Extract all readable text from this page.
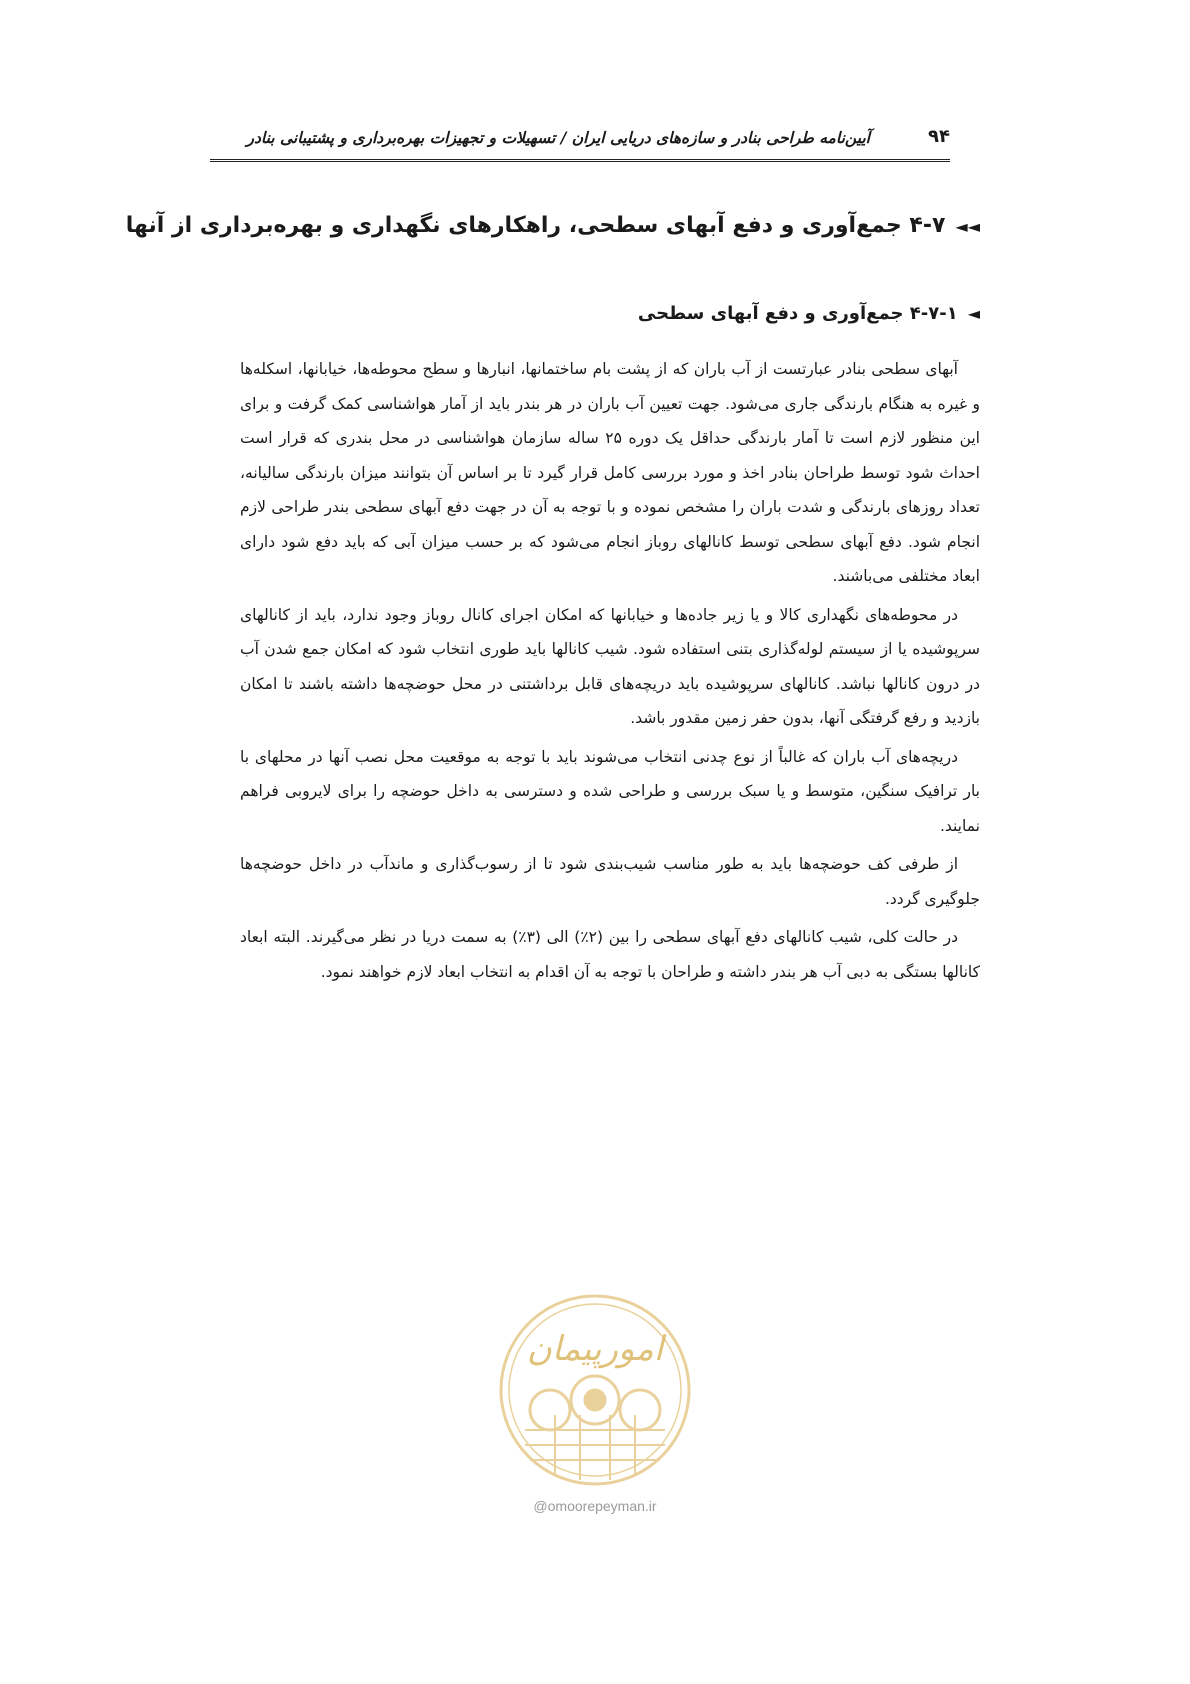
۹۴
آیین‌نامه طراحی بنادر و سازه‌های دریایی ایران / تسهیلات و تجهیزات بهره‌برداری و پشتیبانی بنادر
◄◄۴-۷ جمع‌آوری و دفع آبهای سطحی، راهکارهای نگهداری و بهره‌برداری از آنها
◄۴-۷-۱ جمع‌آوری و دفع آبهای سطحی

آبهای سطحی بنادر عبارتست از آب باران که از پشت بام ساختمانها، انبارها و سطح محوطه‌ها، خیابانها، اسکله‌ها و غیره به هنگام بارندگی جاری می‌شود. جهت تعیین آب باران در هر بندر باید از آمار هواشناسی کمک گرفت و برای این منظور لازم است تا آمار بارندگی حداقل یک دوره ۲۵ ساله سازمان هواشناسی در محل بندری که قرار است احداث شود توسط طراحان بنادر اخذ و مورد بررسی کامل قرار گیرد تا بر اساس آن بتوانند میزان بارندگی سالیانه، تعداد روزهای بارندگی و شدت باران را مشخص نموده و با توجه به آن در جهت دفع آبهای سطحی بندر طراحی لازم انجام شود. دفع آبهای سطحی توسط کانالهای روباز انجام می‌شود که بر حسب میزان آبی که باید دفع شود دارای ابعاد مختلفی می‌باشند.

در محوطه‌های نگهداری کالا و یا زیر جاده‌ها و خیابانها که امکان اجرای کانال روباز وجود ندارد، باید از کانالهای سرپوشیده یا از سیستم لوله‌گذاری بتنی استفاده شود. شیب کانالها باید طوری انتخاب شود که امکان جمع شدن آب در درون کانالها نباشد. کانالهای سرپوشیده باید دریچه‌های قابل برداشتنی در محل حوضچه‌ها داشته باشند تا امکان بازدید و رفع گرفتگی آنها، بدون حفر زمین مقدور باشد.

دریچه‌های آب باران که غالباً از نوع چدنی انتخاب می‌شوند باید با توجه به موقعیت محل نصب آنها در محلهای با بار ترافیک سنگین، متوسط و یا سبک بررسی و طراحی شده و دسترسی به داخل حوضچه را برای لایروبی فراهم نمایند.

از طرفی کف حوضچه‌ها باید به طور مناسب شیب‌بندی شود تا از رسوب‌گذاری و ماندآب در داخل حوضچه‌ها جلوگیری گردد.

در حالت کلی، شیب کانالهای دفع آبهای سطحی را بین (۲٪) الی (۳٪) به سمت دریا در نظر می‌گیرند. البته ابعاد کانالها بستگی به دبی آب هر بندر داشته و طراحان با توجه به آن اقدام به انتخاب ابعاد لازم خواهند نمود.

امورپیمان
@omoorepeyman.ir
